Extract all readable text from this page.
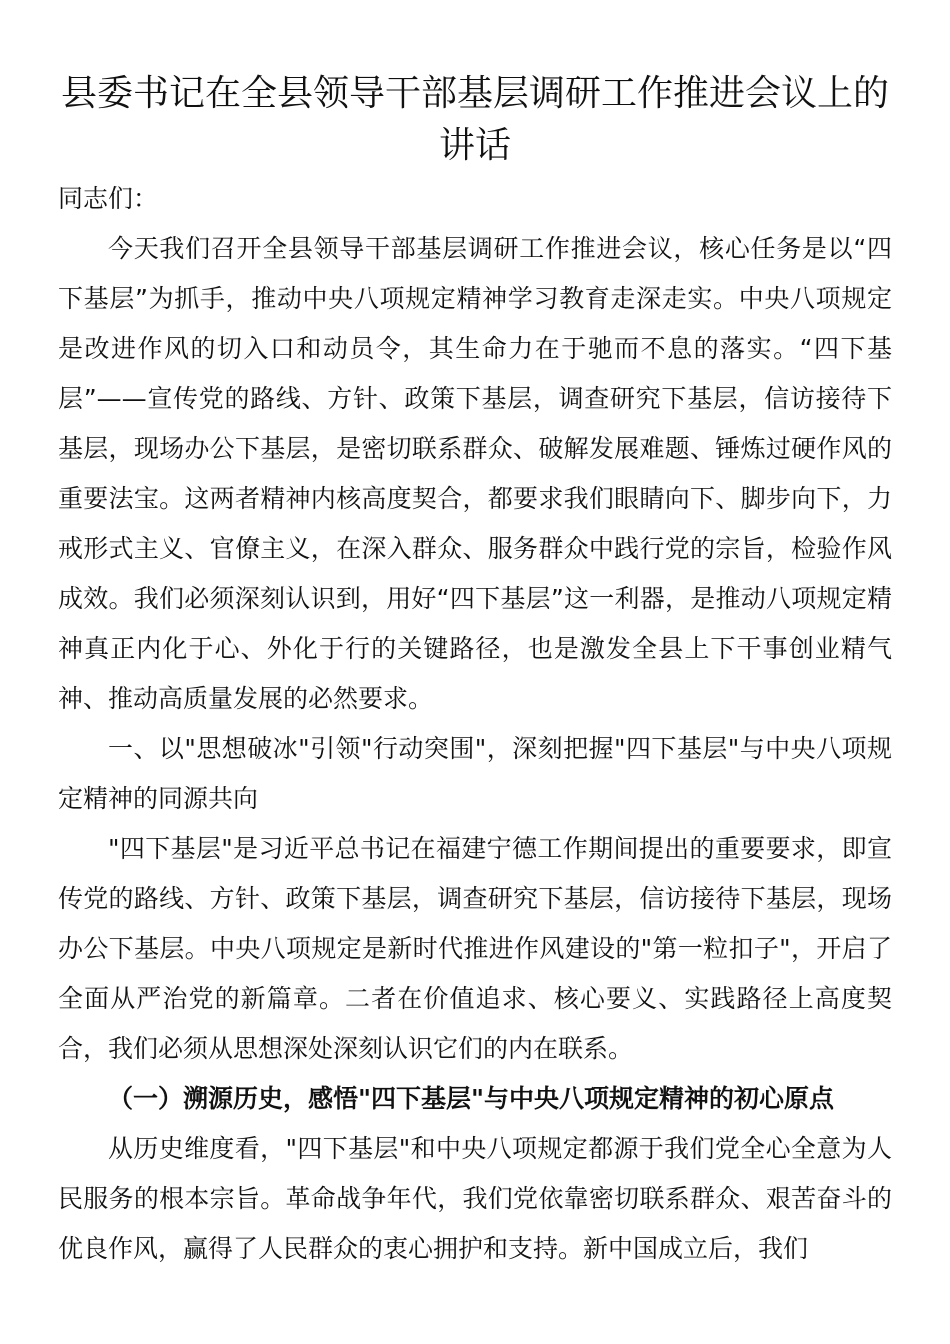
县委书记在全县领导干部基层调研工作推进会议上的讲话

同志们：

今天我们召开全县领导干部基层调研工作推进会议，核心任务是以“四下基层”为抓手，推动中央八项规定精神学习教育走深走实。中央八项规定是改进作风的切入口和动员令，其生命力在于驰而不息的落实。“四下基层”——宣传党的路线、方针、政策下基层，调查研究下基层，信访接待下基层，现场办公下基层，是密切联系群众、破解发展难题、锤炼过硬作风的重要法宝。这两者精神内核高度契合，都要求我们眼睛向下、脚步向下，力戒形式主义、官僚主义，在深入群众、服务群众中践行党的宗旨，检验作风成效。我们必须深刻认识到，用好“四下基层”这一利器，是推动八项规定精神真正内化于心、外化于行的关键路径，也是激发全县上下干事创业精气神、推动高质量发展的必然要求。

一、以"思想破冰"引领"行动突围"，深刻把握"四下基层"与中央八项规定精神的同源共向

"四下基层"是习近平总书记在福建宁德工作期间提出的重要要求，即宣传党的路线、方针、政策下基层，调查研究下基层，信访接待下基层，现场办公下基层。中央八项规定是新时代推进作风建设的"第一粒扣子"，开启了全面从严治党的新篇章。二者在价值追求、核心要义、实践路径上高度契合，我们必须从思想深处深刻认识它们的内在联系。

（一）溯源历史，感悟"四下基层"与中央八项规定精神的初心原点

从历史维度看，"四下基层"和中央八项规定都源于我们党全心全意为人民服务的根本宗旨。革命战争年代，我们党依靠密切联系群众、艰苦奋斗的优良作风，赢得了人民群众的衷心拥护和支持。新中国成立后，我们
